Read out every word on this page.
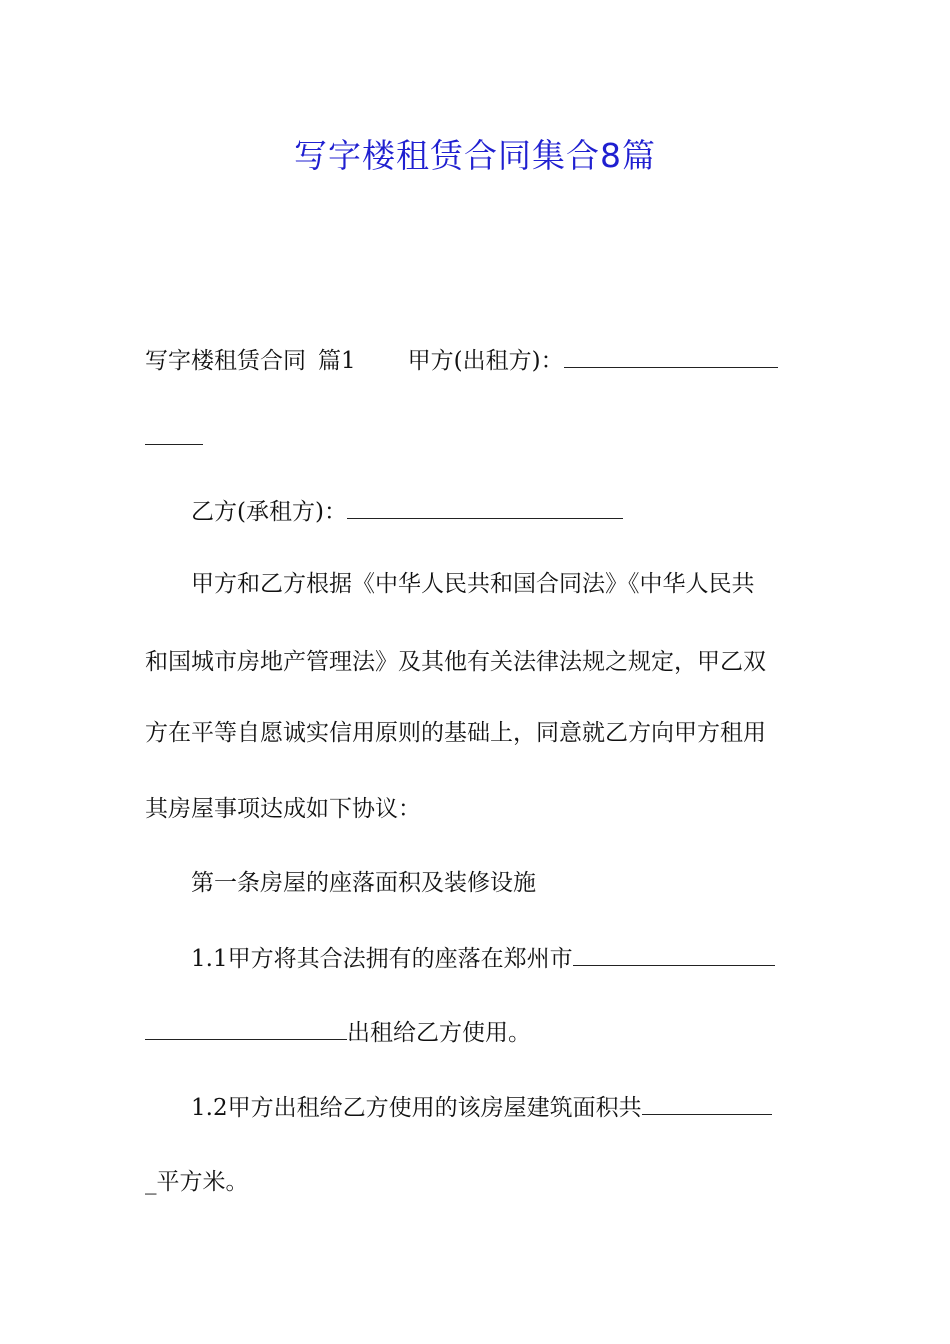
写字楼租赁合同集合8篇

写字楼租赁合同 篇1 甲方(出租方)：

乙方(承租方)：

甲方和乙方根据《中华人民共和国合同法》《中华人民共

和国城市房地产管理法》及其他有关法律法规之规定，甲乙双

方在平等自愿诚实信用原则的基础上，同意就乙方向甲方租用

其房屋事项达成如下协议：

第一条房屋的座落面积及装修设施

1.1甲方将其合法拥有的座落在郑州市

出租给乙方使用。

1.2甲方出租给乙方使用的该房屋建筑面积共

_平方米。
